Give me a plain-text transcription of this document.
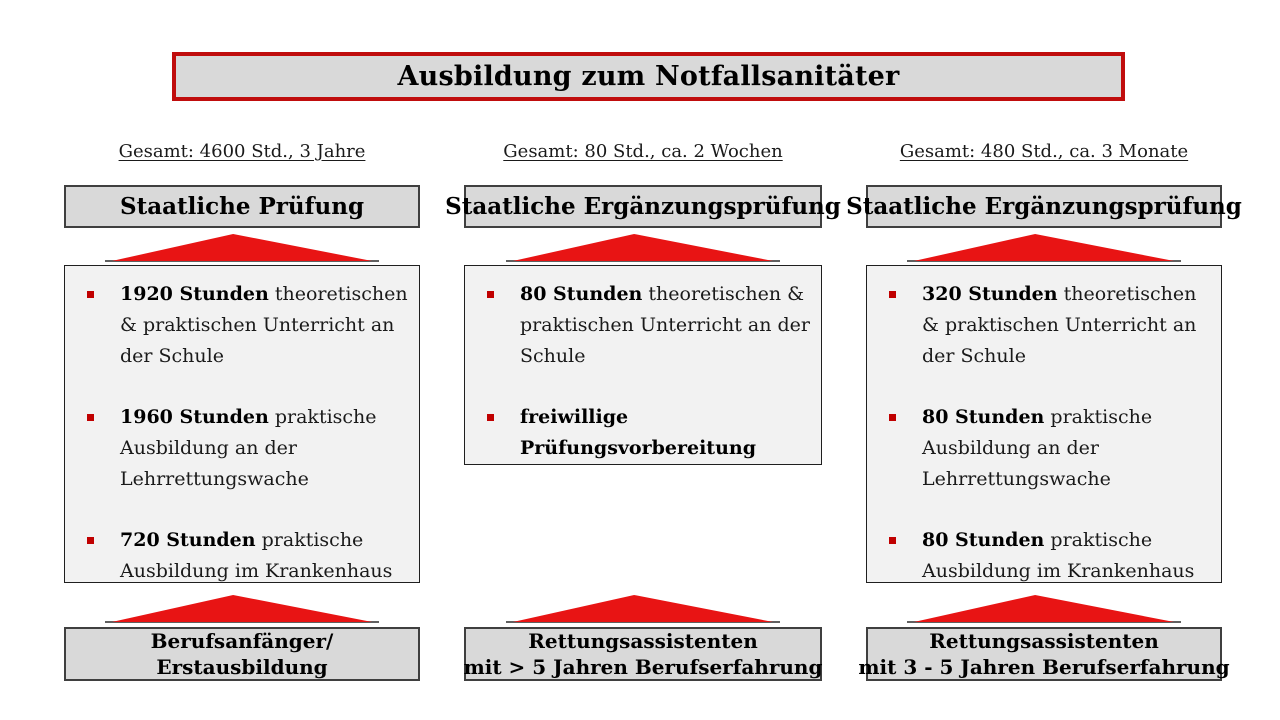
Ausbildung zum Notfallsanitäter
Gesamt: 4600 Std., 3 Jahre
Staatliche Prüfung
1920 Stunden theoretischen & praktischen Unterricht an der Schule
1960 Stunden praktische Ausbildung an der Lehrrettungswache
720 Stunden praktische Ausbildung im Krankenhaus
Berufsanfänger/
Erstausbildung
Gesamt: 80 Std., ca. 2 Wochen
Staatliche Ergänzungsprüfung
80 Stunden theoretischen & praktischen Unterricht an der Schule
freiwillige Prüfungsvorbereitung
Rettungsassistenten
mit > 5 Jahren Berufserfahrung
Gesamt: 480 Std., ca. 3 Monate
Staatliche Ergänzungsprüfung
320 Stunden theoretischen & praktischen Unterricht an der Schule
80 Stunden praktische Ausbildung an der Lehrrettungswache
80 Stunden praktische Ausbildung im Krankenhaus
Rettungsassistenten
mit 3 - 5 Jahren Berufserfahrung
